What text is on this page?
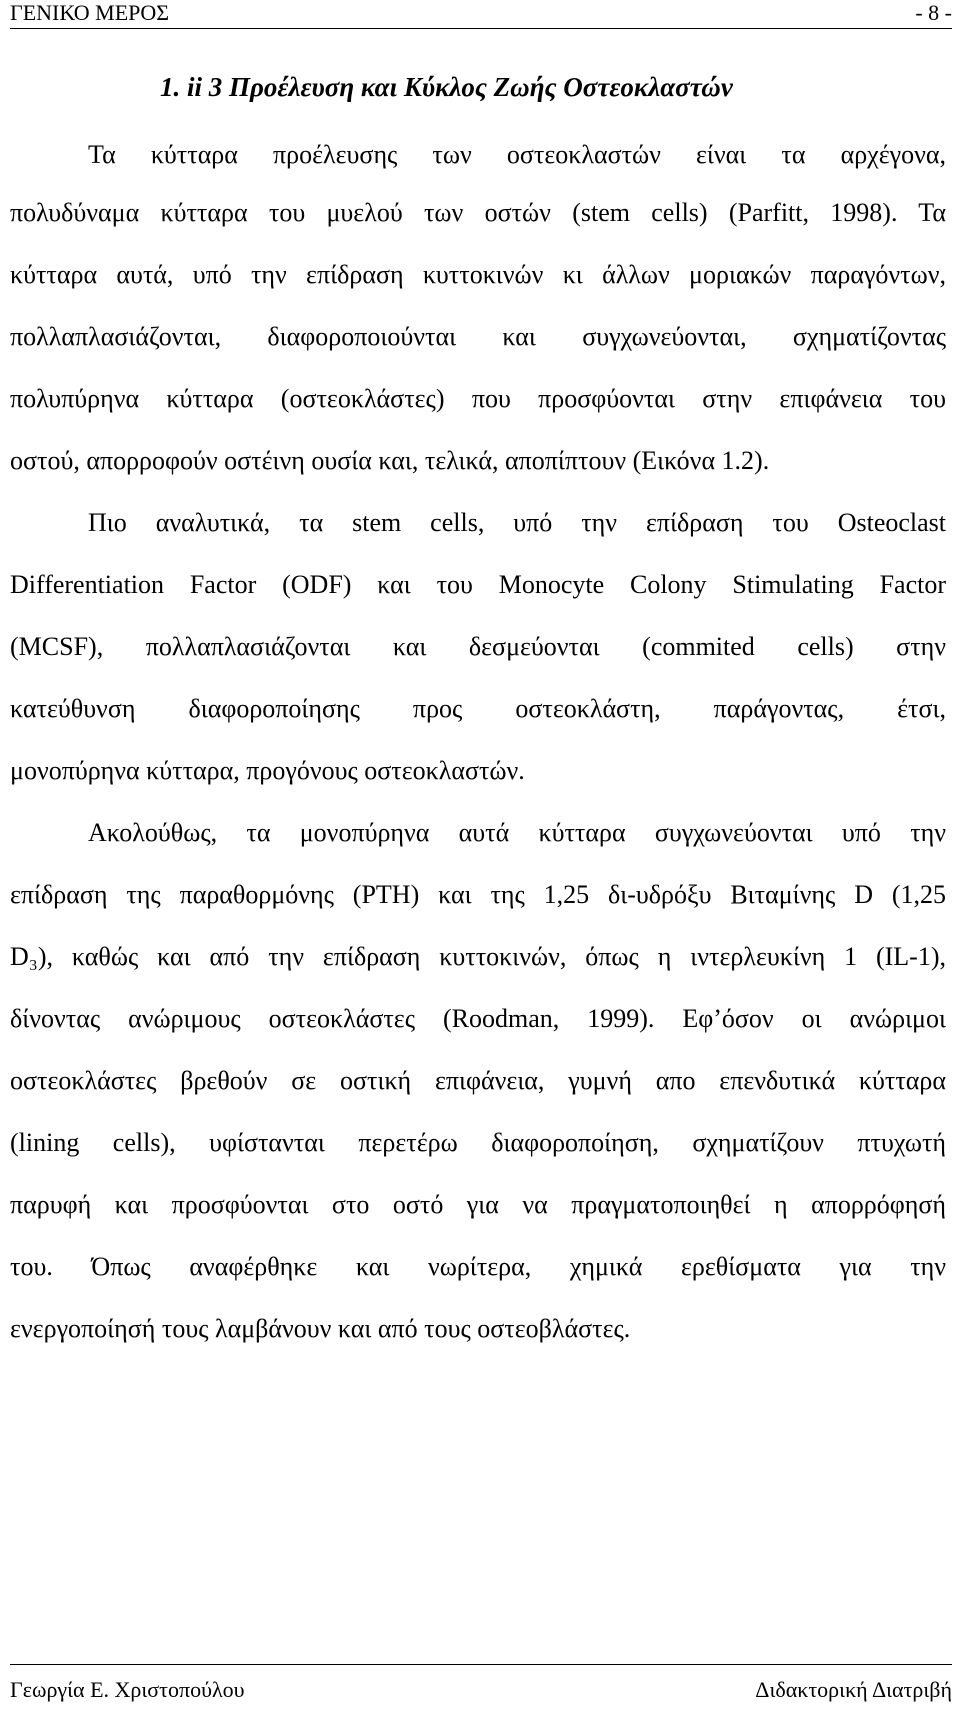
ΓΕΝΙΚΟ ΜΕΡΟΣ	- 8 -
1. ii 3 Προέλευση και Κύκλος Ζωής Οστεοκλαστών
Τα κύτταρα προέλευσης των οστεοκλαστών είναι τα αρχέγονα,
πολυδύναμα κύτταρα του μυελού των οστών (stem cells) (Parfitt, 1998). Τα
κύτταρα αυτά, υπό την επίδραση κυττοκινών κι άλλων μοριακών παραγόντων,
πολλαπλασιάζονται, διαφοροποιούνται και συγχωνεύονται, σχηματίζοντας
πολυπύρηνα κύτταρα (οστεοκλάστες) που προσφύονται στην επιφάνεια του
οστού, απορροφούν οστέινη ουσία και, τελικά, αποπίπτουν (Εικόνα 1.2).
Πιο αναλυτικά, τα stem cells, υπό την επίδραση του Osteoclast
Differentiation Factor (ODF) και του Monocyte Colony Stimulating Factor
(MCSF), πολλαπλασιάζονται και δεσμεύονται (commited cells) στην
κατεύθυνση διαφοροποίησης προς οστεοκλάστη, παράγοντας, έτσι,
μονοπύρηνα κύτταρα, προγόνους οστεοκλαστών.
Ακολούθως, τα μονοπύρηνα αυτά κύτταρα συγχωνεύονται υπό την
επίδραση της παραθορμόνης (PTH) και της 1,25 δι-υδρόξυ Βιταμίνης D (1,25
D₃), καθώς και από την επίδραση κυττοκινών, όπως η ιντερλευκίνη 1 (IL-1),
δίνοντας ανώριμους οστεοκλάστες (Roodman, 1999). Εφ’όσον οι ανώριμοι
οστεοκλάστες βρεθούν σε οστική επιφάνεια, γυμνή απο επενδυτικά κύτταρα
(lining cells), υφίστανται περετέρω διαφοροποίηση, σχηματίζουν πτυχωτή
παρυφή και προσφύονται στο οστό για να πραγματοποιηθεί η απορρόφησή
του. Όπως αναφέρθηκε και νωρίτερα, χημικά ερεθίσματα για την
ενεργοποίησή τους λαμβάνουν και από τους οστεοβλάστες.
Γεωργία Ε. Χριστοπούλου	Διδακτορική Διατριβή
